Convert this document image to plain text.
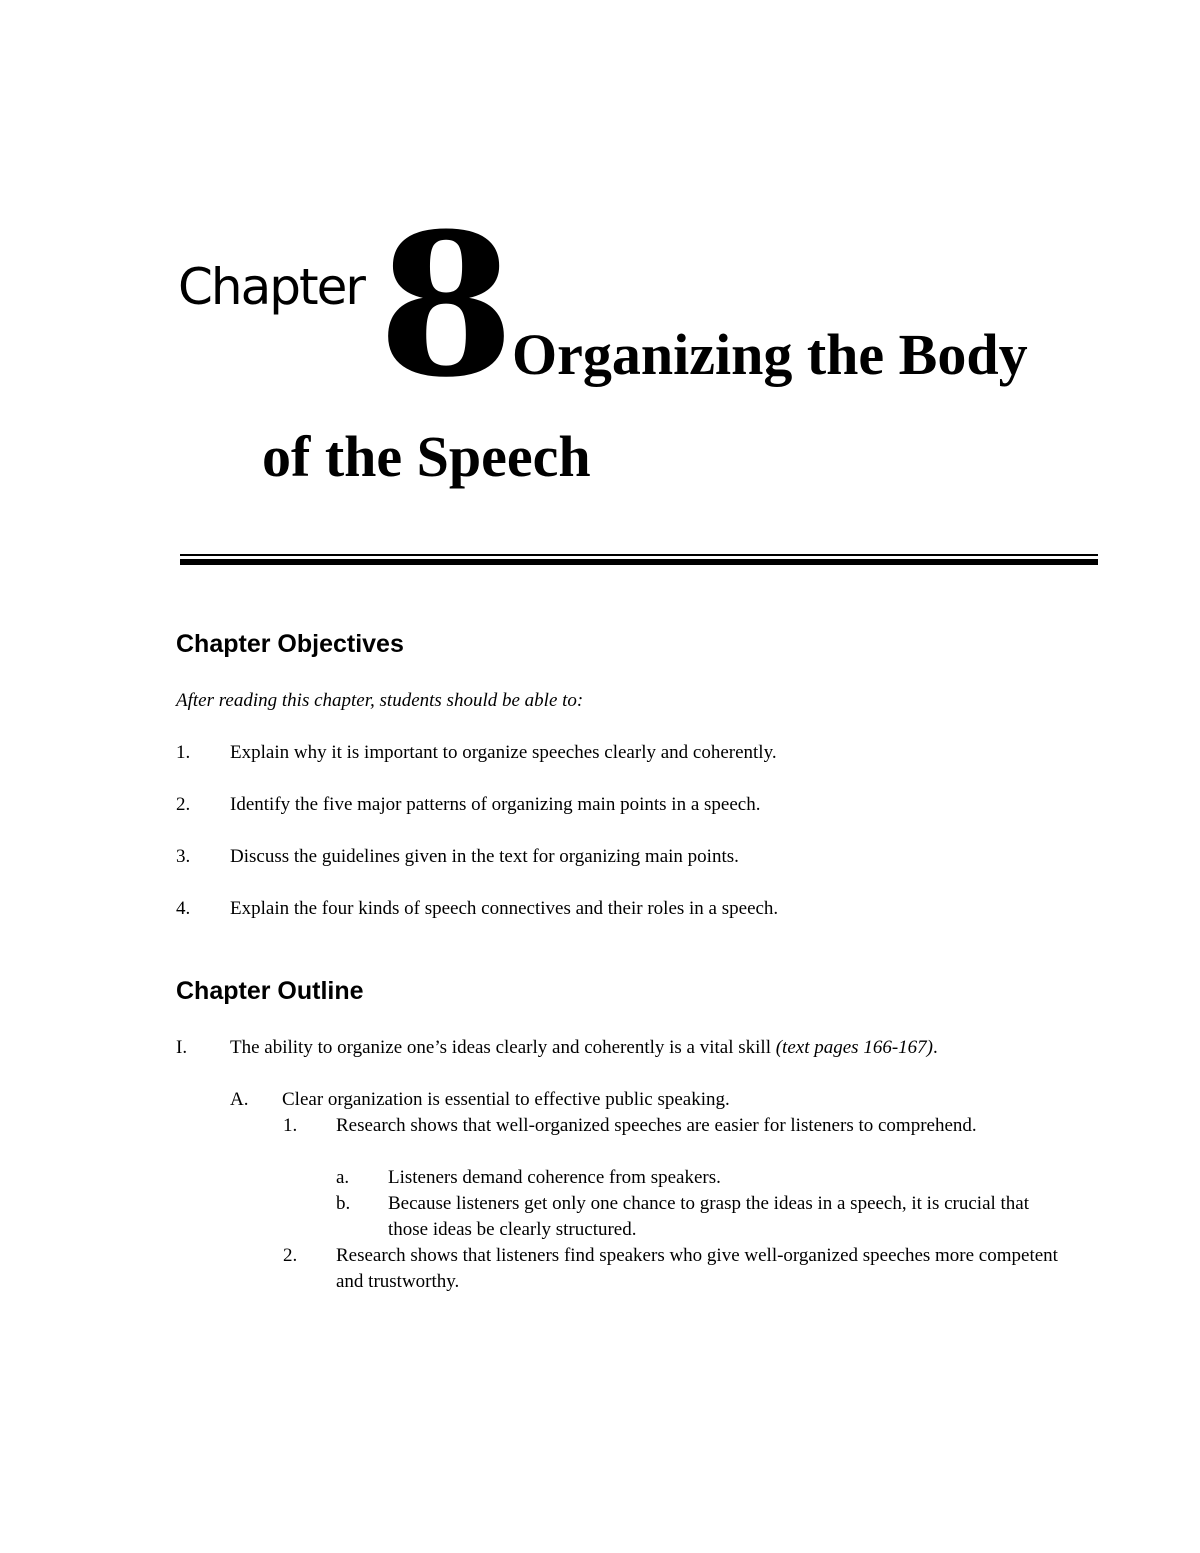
Chapter 8
Organizing the Body
of the Speech
Chapter Objectives
After reading this chapter, students should be able to:
1. Explain why it is important to organize speeches clearly and coherently.
2. Identify the five major patterns of organizing main points in a speech.
3. Discuss the guidelines given in the text for organizing main points.
4. Explain the four kinds of speech connectives and their roles in a speech.
Chapter Outline
I. The ability to organize one’s ideas clearly and coherently is a vital skill (text pages 166-167).
A. Clear organization is essential to effective public speaking.
1. Research shows that well-organized speeches are easier for listeners to comprehend.
a. Listeners demand coherence from speakers.
b. Because listeners get only one chance to grasp the ideas in a speech, it is crucial that those ideas be clearly structured.
2. Research shows that listeners find speakers who give well-organized speeches more competent and trustworthy.
